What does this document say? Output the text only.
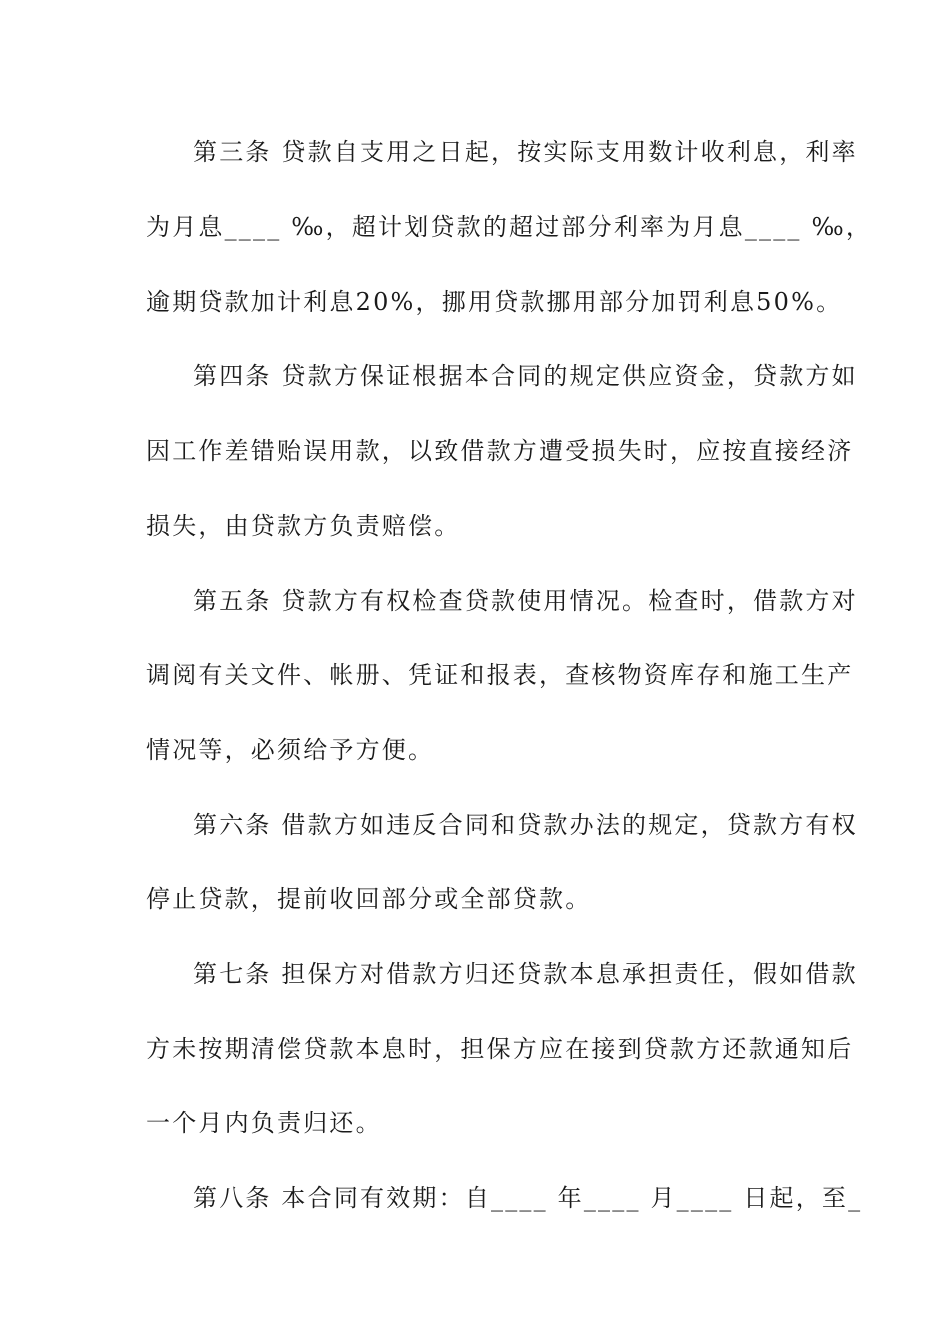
第三条 贷款自支用之日起，按实际支用数计收利息，利率
为月息____ ‰，超计划贷款的超过部分利率为月息____ ‰，
逾期贷款加计利息20%，挪用贷款挪用部分加罚利息50%。
第四条 贷款方保证根据本合同的规定供应资金，贷款方如
因工作差错贻误用款，以致借款方遭受损失时，应按直接经济
损失，由贷款方负责赔偿。
第五条 贷款方有权检查贷款使用情况。检查时，借款方对
调阅有关文件、帐册、凭证和报表，查核物资库存和施工生产
情况等，必须给予方便。
第六条 借款方如违反合同和贷款办法的规定，贷款方有权
停止贷款，提前收回部分或全部贷款。
第七条 担保方对借款方归还贷款本息承担责任，假如借款
方未按期清偿贷款本息时，担保方应在接到贷款方还款通知后
一个月内负责归还。
第八条 本合同有效期：自____ 年____ 月____ 日起，至_
